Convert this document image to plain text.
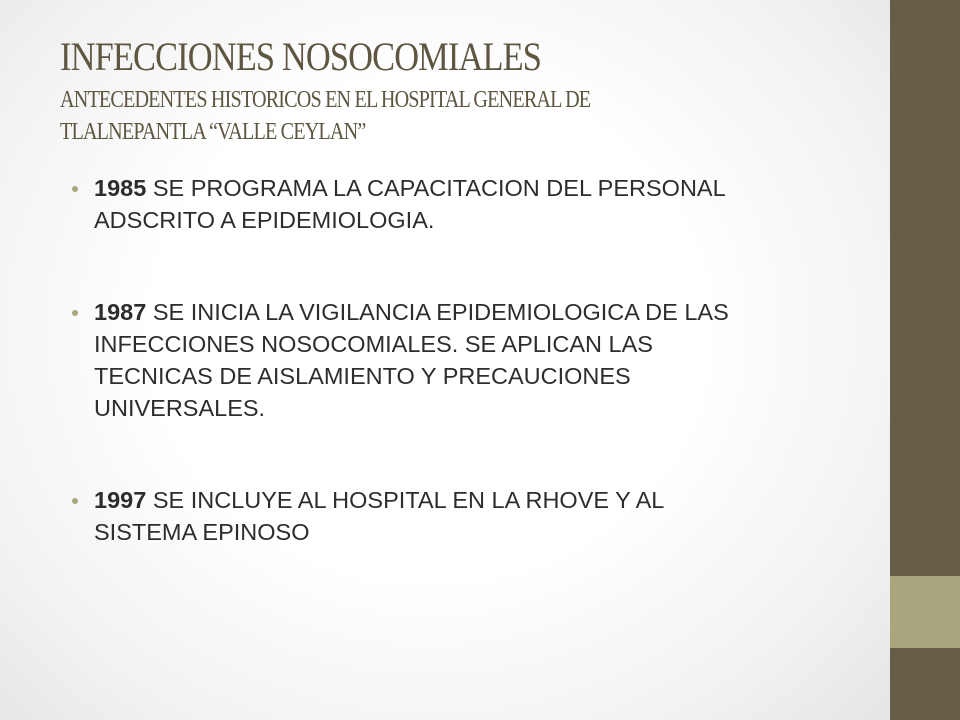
INFECCIONES NOSOCOMIALES
ANTECEDENTES HISTORICOS EN EL HOSPITAL GENERAL DE
TLALNEPANTLA “VALLE CEYLAN”
1985 SE PROGRAMA LA CAPACITACION DEL PERSONAL
ADSCRITO A EPIDEMIOLOGIA.
1987 SE INICIA LA VIGILANCIA EPIDEMIOLOGICA DE LAS
INFECCIONES NOSOCOMIALES. SE APLICAN LAS
TECNICAS DE AISLAMIENTO Y PRECAUCIONES
UNIVERSALES.
1997 SE INCLUYE AL HOSPITAL EN LA RHOVE Y AL
SISTEMA EPINOSO
